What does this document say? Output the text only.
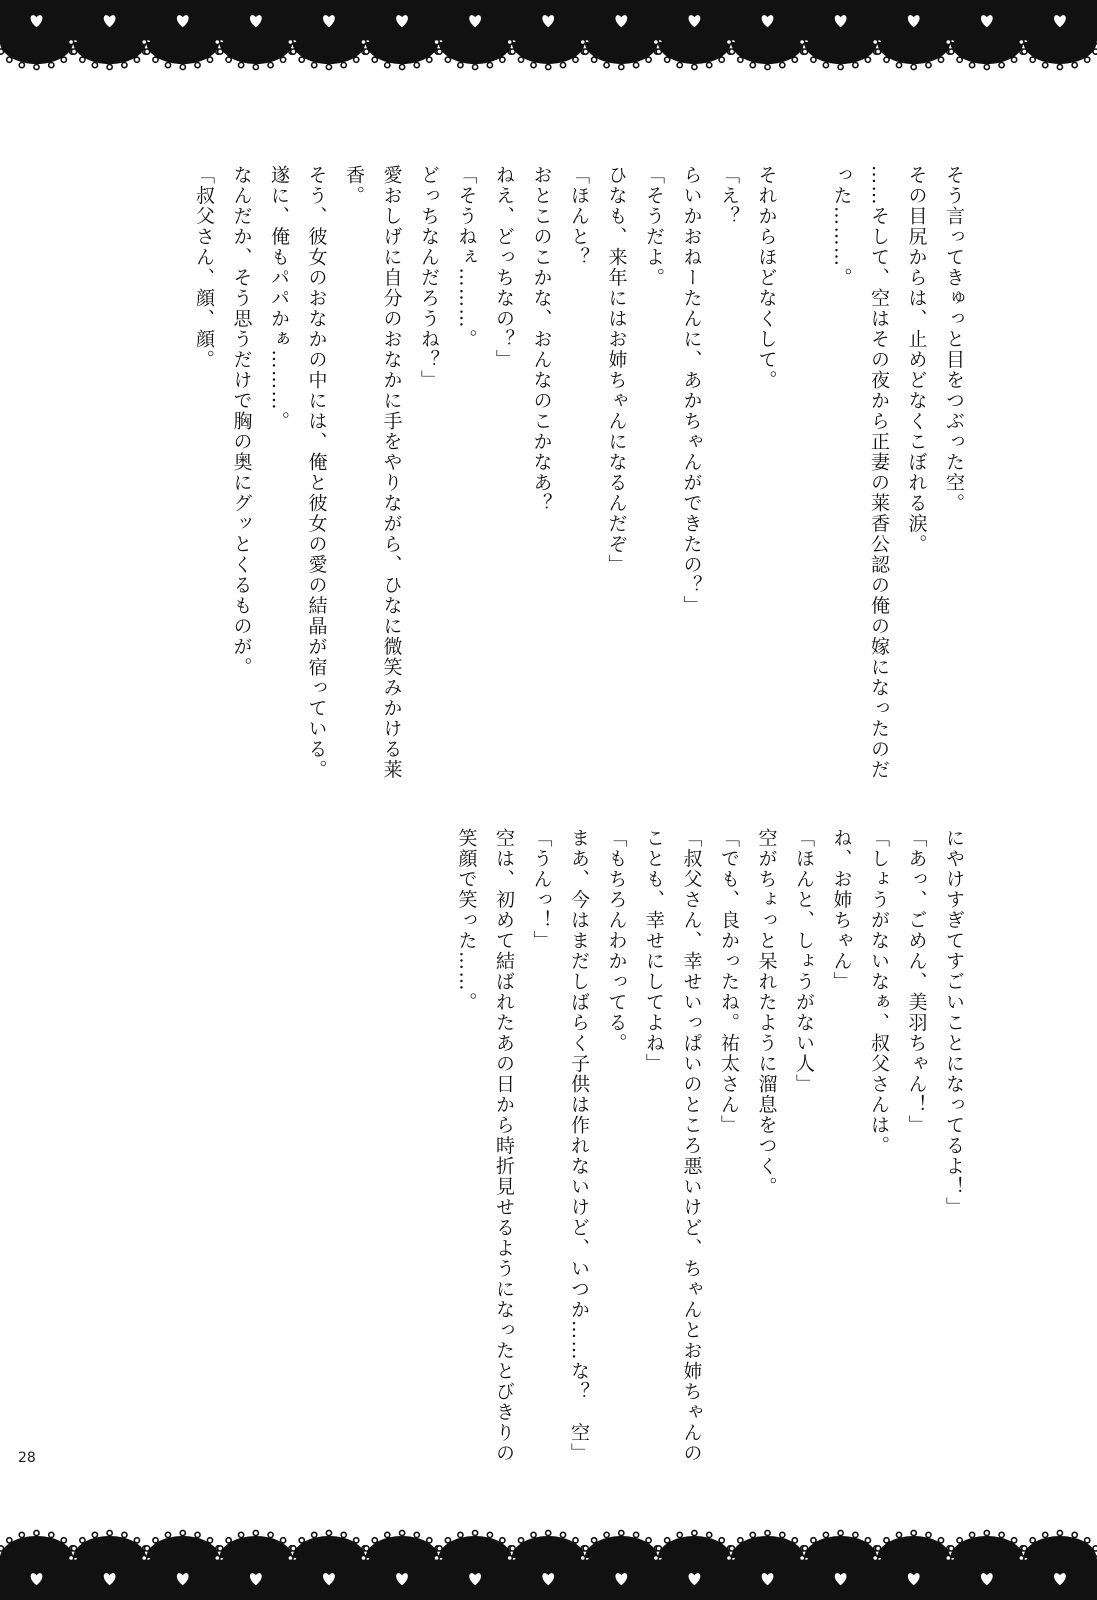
そう言ってきゅっと目をつぶった空。

その目尻からは、止めどなくこぼれる涙。

……そして、空はその夜から正妻の莱香公認の俺の嫁になったのだ

った………。

それからほどなくして。

「え？

らいかおねーたんに、あかちゃんができたの？」

「そうだよ。

ひなも、来年にはお姉ちゃんになるんだぞ」

「ほんと？

おとこのこかな、おんなのこかなあ？

ねえ、どっちなの？」

「そうねぇ………。

どっちなんだろうね？」

愛おしげに自分のおなかに手をやりながら、ひなに微笑みかける莱

香。

そう、彼女のおなかの中には、俺と彼女の愛の結晶が宿っている。

遂に、俺もパパかぁ………。

なんだか、そう思うだけで胸の奥にグッとくるものが。

「叔父さん、顔、顔。

にやけすぎてすごいことになってるよ！」

「あっ、ごめん、美羽ちゃん！」

「しょうがないなぁ、叔父さんは。

ね、お姉ちゃん」

「ほんと、しょうがない人」

空がちょっと呆れたように溜息をつく。

「でも、良かったね。祐太さん」

「叔父さん、幸せいっぱいのところ悪いけど、ちゃんとお姉ちゃんの

ことも、幸せにしてよね」

「もちろんわかってる。

まあ、今はまだしばらく子供は作れないけど、いつか……な？　空」

「うんっ！」

空は、初めて結ばれたあの日から時折見せるようになったとびきりの

笑顔で笑った……。

28
